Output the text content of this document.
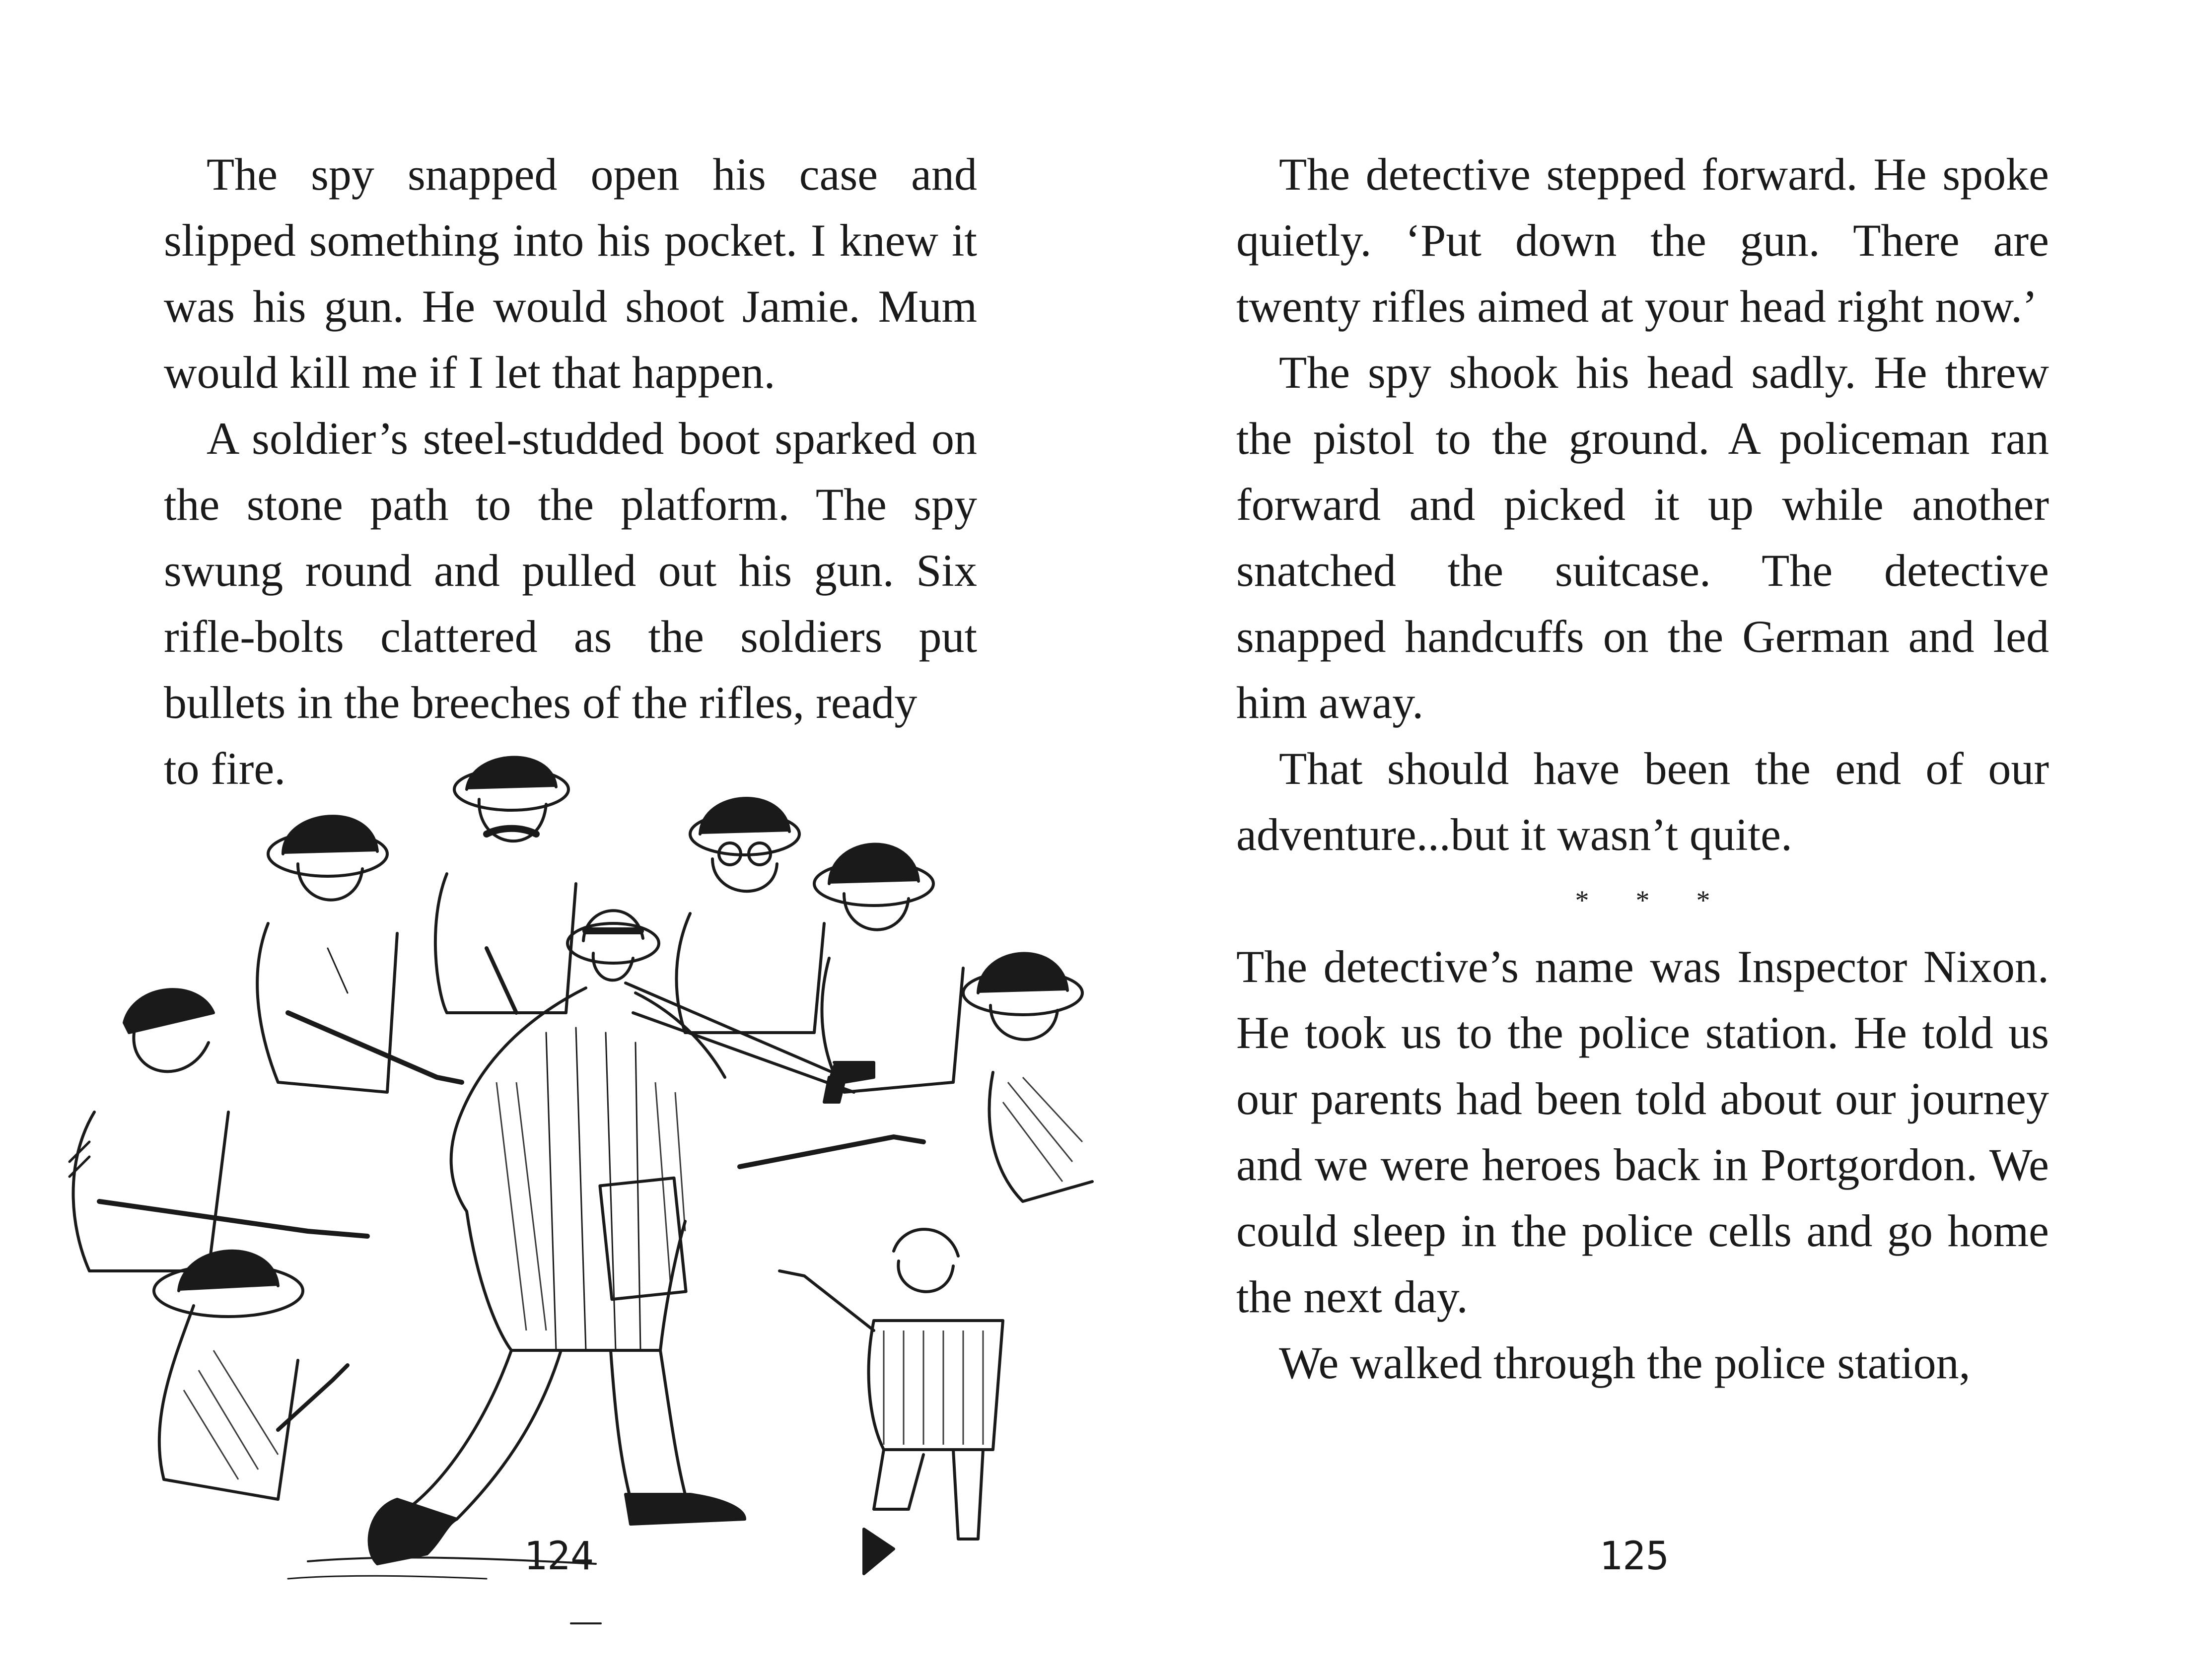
The spy snapped open his case and slipped something into his pocket. I knew it was his gun. He would shoot Jamie. Mum would kill me if I let that happen.

A soldier’s steel-studded boot sparked on the stone path to the platform. The spy swung round and pulled out his gun. Six rifle-bolts clattered as the soldiers put bullets in the breeches of the rifles, ready

to fire.

124

The detective stepped forward. He spoke quietly. ‘Put down the gun. There are twenty rifles aimed at your head right now.’

The spy shook his head sadly. He threw the pistol to the ground. A policeman ran forward and picked it up while another snatched the suitcase. The detective snapped handcuffs on the German and led him away.

That should have been the end of our adventure...but it wasn’t quite.

* * *

The detective’s name was Inspector Nixon. He took us to the police station. He told us our parents had been told about our journey and we were heroes back in Portgordon. We could sleep in the police cells and go home the next day.

We walked through the police station,

125
